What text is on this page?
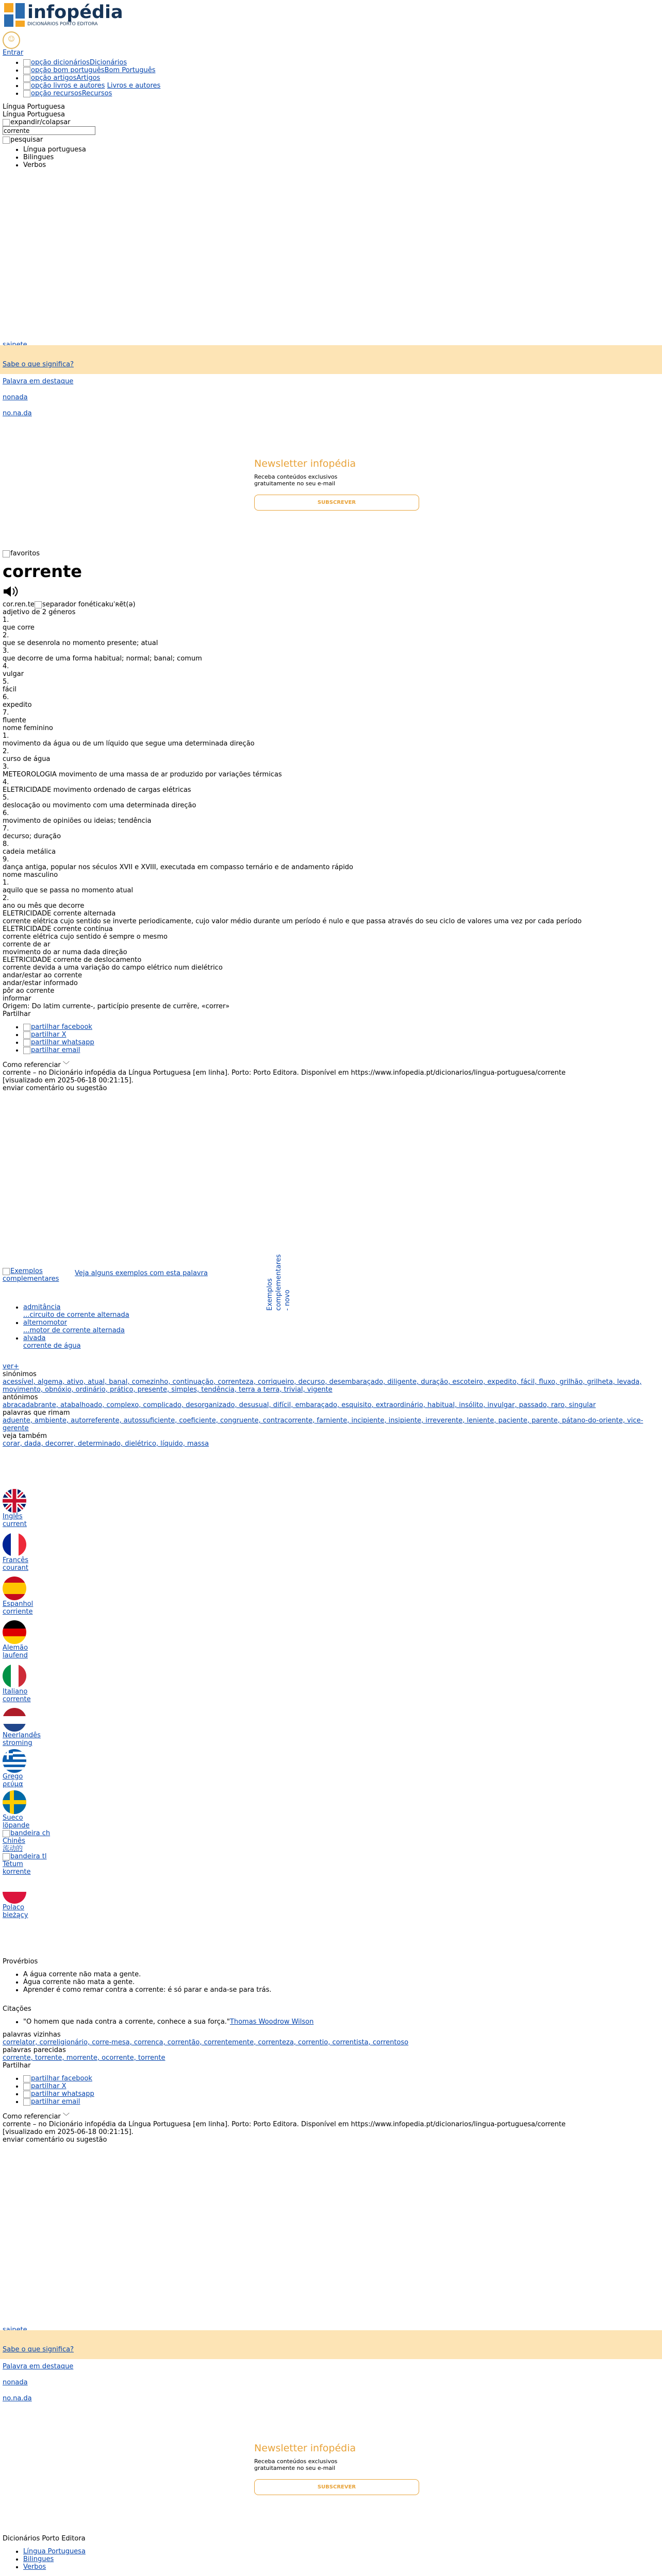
infopédia
DICIONÁRIOS PORTO EDITORA
☺
Entrar
• opção dicionáriosDicionários
• opção bom portuguêsBom Português
• opção artigosArtigos
• opção livros e autores Livros e autores
• opção recursosRecursos
Língua Portuguesa
Língua Portuguesa
expandir/colapsar
corrente
pesquisar
• Língua portuguesa
• Bilingues
• Verbos
Sabe o que significa?
Palavra em destaque
nonada
no.na.da
Newsletter infopédia
Receba conteúdos exclusivos gratuitamente no seu e-mail
SUBSCREVER
favoritos
corrente
cor.ren.te separador fonéticakuˈʀẽt(ə)
adjetivo de 2 géneros
1.
que corre
2.
que se desenrola no momento presente; atual
3.
que decorre de uma forma habitual; normal; banal; comum
4.
vulgar
5.
fácil
6.
expedito
7.
fluente
nome feminino
1.
movimento da água ou de um líquido que segue uma determinada direção
2.
curso de água
3.
METEOROLOGIA movimento de uma massa de ar produzido por variações térmicas
4.
ELETRICIDADE movimento ordenado de cargas elétricas
5.
deslocação ou movimento com uma determinada direção
6.
movimento de opiniões ou ideias; tendência
7.
decurso; duração
8.
cadeia metálica
9.
dança antiga, popular nos séculos XVII e XVIII, executada em compasso ternário e de andamento rápido
nome masculino
1.
aquilo que se passa no momento atual
2.
ano ou mês que decorre
ELETRICIDADE corrente alternada
corrente elétrica cujo sentido se inverte periodicamente, cujo valor médio durante um período é nulo e que passa através do seu ciclo de valores uma vez por cada período
ELETRICIDADE corrente contínua
corrente elétrica cujo sentido é sempre o mesmo
corrente de ar
movimento do ar numa dada direção
ELETRICIDADE corrente de deslocamento
corrente devida a uma variação do campo elétrico num dielétrico
andar/estar ao corrente
andar/estar informado
pôr ao corrente
informar
Origem: Do latim currente-, particípio presente de currĕre, «correr»
Partilhar
• partilhar facebook
• partilhar X
• partilhar whatsapp
• partilhar email
Como referenciar ﹀
corrente – no Dicionário infopédia da Língua Portuguesa [em linha]. Porto: Porto Editora. Disponível em https://www.infopedia.pt/dicionarios/lingua-portuguesa/corrente [visualizado em 2025-06-18 00:21:15].
enviar comentário ou sugestão
Exemplos complementares
Veja alguns exemplos com esta palavra
Exemplos complementares - novo
• admitância
...circuito de corrente alternada
• alternomotor
...motor de corrente alternada
• alvada
corrente de água
ver+
sinónimos
acessível, algema, ativo, atual, banal, comezinho, continuação, correnteza, corriqueiro, decurso, desembaraçado, diligente, duração, escoteiro, expedito, fácil, fluxo, grilhão, grilheta, levada, movimento, obnóxio, ordinário, prático, presente, simples, tendência, terra a terra, trivial, vigente
antónimos
abracadabrante, atabalhoado, complexo, complicado, desorganizado, desusual, difícil, embaraçado, esquisito, extraordinário, habitual, insólito, invulgar, passado, raro, singular
palavras que rimam
aduente, ambiente, autorreferente, autossuficiente, coeficiente, congruente, contracorrente, farniente, incipiente, insipiente, irreverente, leniente, paciente, parente, pátano-do-oriente, vice-gerente
veja também
corar, dada, decorrer, determinado, dielétrico, líquido, massa
Inglês
current
Francês
courant
Espanhol
corriente
Alemão
laufend
Italiano
corrente
Neerlandês
stroming
Grego
ρεύμα
Sueco
löpande
bandeira ch
Chinês
流动的
bandeira tl
Tétum
korrente
Polaco
bieżący
Provérbios
• A água corrente não mata a gente.
• Água corrente não mata a gente.
• Aprender é como remar contra a corrente: é só parar e anda-se para trás.
Citações
• "O homem que nada contra a corrente, conhece a sua força."Thomas Woodrow Wilson
palavras vizinhas
correlator, correligionário, corre-mesa, correnca, correntão, correntemente, correnteza, correntio, correntista, correntoso
palavras parecidas
corrente, torrente, morrente, ocorrente, torrente
Partilhar
• partilhar facebook
• partilhar X
• partilhar whatsapp
• partilhar email
Como referenciar ﹀
corrente – no Dicionário infopédia da Língua Portuguesa [em linha]. Porto: Porto Editora. Disponível em https://www.infopedia.pt/dicionarios/lingua-portuguesa/corrente [visualizado em 2025-06-18 00:21:15].
enviar comentário ou sugestão
Sabe o que significa?
Palavra em destaque
nonada
no.na.da
Newsletter infopédia
Receba conteúdos exclusivos gratuitamente no seu e-mail
SUBSCREVER
Dicionários Porto Editora
• Língua Portuguesa
• Bilingues
• Verbos
